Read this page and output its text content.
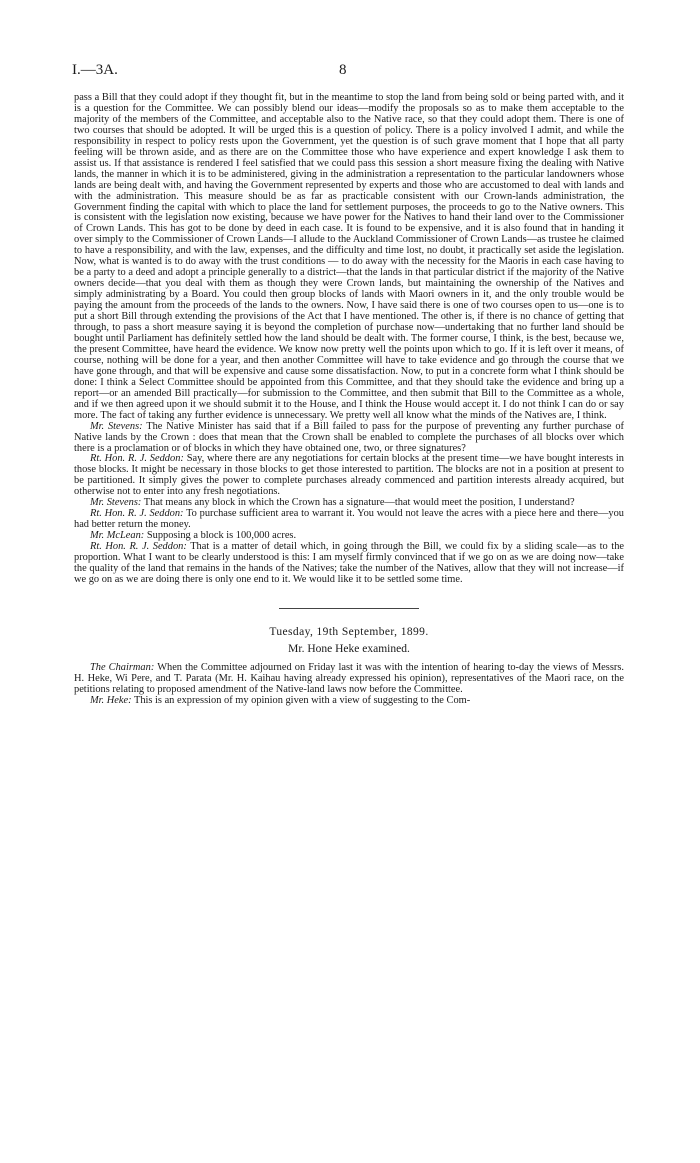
I.—3A.	8

pass a Bill that they could adopt if they thought fit, but in the meantime to stop the land from being sold or being parted with, and it is a question for the Committee. We can possibly blend our ideas—modify the proposals so as to make them acceptable to the majority of the members of the Committee, and acceptable also to the Native race, so that they could adopt them. There is one of two courses that should be adopted. It will be urged this is a question of policy. There is a policy involved I admit, and while the responsibility in respect to policy rests upon the Government, yet the question is of such grave moment that I hope that all party feeling will be thrown aside, and as there are on the Committee those who have experience and expert knowledge I ask them to assist us. If that assistance is rendered I feel satisfied that we could pass this session a short measure fixing the dealing with Native lands, the manner in which it is to be administered, giving in the administration a representation to the particular landowners whose lands are being dealt with, and having the Government represented by experts and those who are accustomed to deal with lands and with the administration. This measure should be as far as practicable consistent with our Crown-lands administration, the Government finding the capital with which to place the land for settlement purposes, the proceeds to go to the Native owners. This is consistent with the legislation now existing, because we have power for the Natives to hand their land over to the Commissioner of Crown Lands. This has got to be done by deed in each case. It is found to be expensive, and it is also found that in handing it over simply to the Commissioner of Crown Lands—I allude to the Auckland Commissioner of Crown Lands—as trustee he claimed to have a responsibility, and with the law, expenses, and the difficulty and time lost, no doubt, it practically set aside the legislation. Now, what is wanted is to do away with the trust conditions — to do away with the necessity for the Maoris in each case having to be a party to a deed and adopt a principle generally to a district—that the lands in that particular district if the majority of the Native owners decide—that you deal with them as though they were Crown lands, but maintaining the ownership of the Natives and simply administrating by a Board. You could then group blocks of lands with Maori owners in it, and the only trouble would be paying the amount from the proceeds of the lands to the owners. Now, I have said there is one of two courses open to us—one is to put a short Bill through extending the provisions of the Act that I have mentioned. The other is, if there is no chance of getting that through, to pass a short measure saying it is beyond the completion of purchase now—undertaking that no further land should be bought until Parliament has definitely settled how the land should be dealt with. The former course, I think, is the best, because we, the present Committee, have heard the evidence. We know now pretty well the points upon which to go. If it is left over it means, of course, nothing will be done for a year, and then another Committee will have to take evidence and go through the course that we have gone through, and that will be expensive and cause some dissatisfaction. Now, to put in a concrete form what I think should be done: I think a Select Committee should be appointed from this Committee, and that they should take the evidence and bring up a report—or an amended Bill practically—for submission to the Committee, and then submit that Bill to the Committee as a whole, and if we then agreed upon it we should submit it to the House, and I think the House would accept it. I do not think I can do or say more. The fact of taking any further evidence is unnecessary. We pretty well all know what the minds of the Natives are, I think.

Mr. Stevens: The Native Minister has said that if a Bill failed to pass for the purpose of preventing any further purchase of Native lands by the Crown : does that mean that the Crown shall be enabled to complete the purchases of all blocks over which there is a proclamation or of blocks in which they have obtained one, two, or three signatures?

Rt. Hon. R. J. Seddon: Say, where there are any negotiations for certain blocks at the present time—we have bought interests in those blocks. It might be necessary in those blocks to get those interested to partition. The blocks are not in a position at present to be partitioned. It simply gives the power to complete purchases already commenced and partition interests already acquired, but otherwise not to enter into any fresh negotiations.

Mr. Stevens: That means any block in which the Crown has a signature—that would meet the position, I understand?

Rt. Hon. R. J. Seddon: To purchase sufficient area to warrant it. You would not leave the acres with a piece here and there—you had better return the money.

Mr. McLean: Supposing a block is 100,000 acres.

Rt. Hon. R. J. Seddon: That is a matter of detail which, in going through the Bill, we could fix by a sliding scale—as to the proportion. What I want to be clearly understood is this: I am myself firmly convinced that if we go on as we are doing now—take the quality of the land that remains in the hands of the Natives; take the number of the Natives, allow that they will not increase—if we go on as we are doing there is only one end to it. We would like it to be settled some time.

Tuesday, 19th September, 1899.
Mr. Hone Heke examined.

The Chairman: When the Committee adjourned on Friday last it was with the intention of hearing to-day the views of Messrs. H. Heke, Wi Pere, and T. Parata (Mr. H. Kaihau having already expressed his opinion), representatives of the Maori race, on the petitions relating to proposed amendment of the Native-land laws now before the Committee.

Mr. Heke: This is an expression of my opinion given with a view of suggesting to the Com-
